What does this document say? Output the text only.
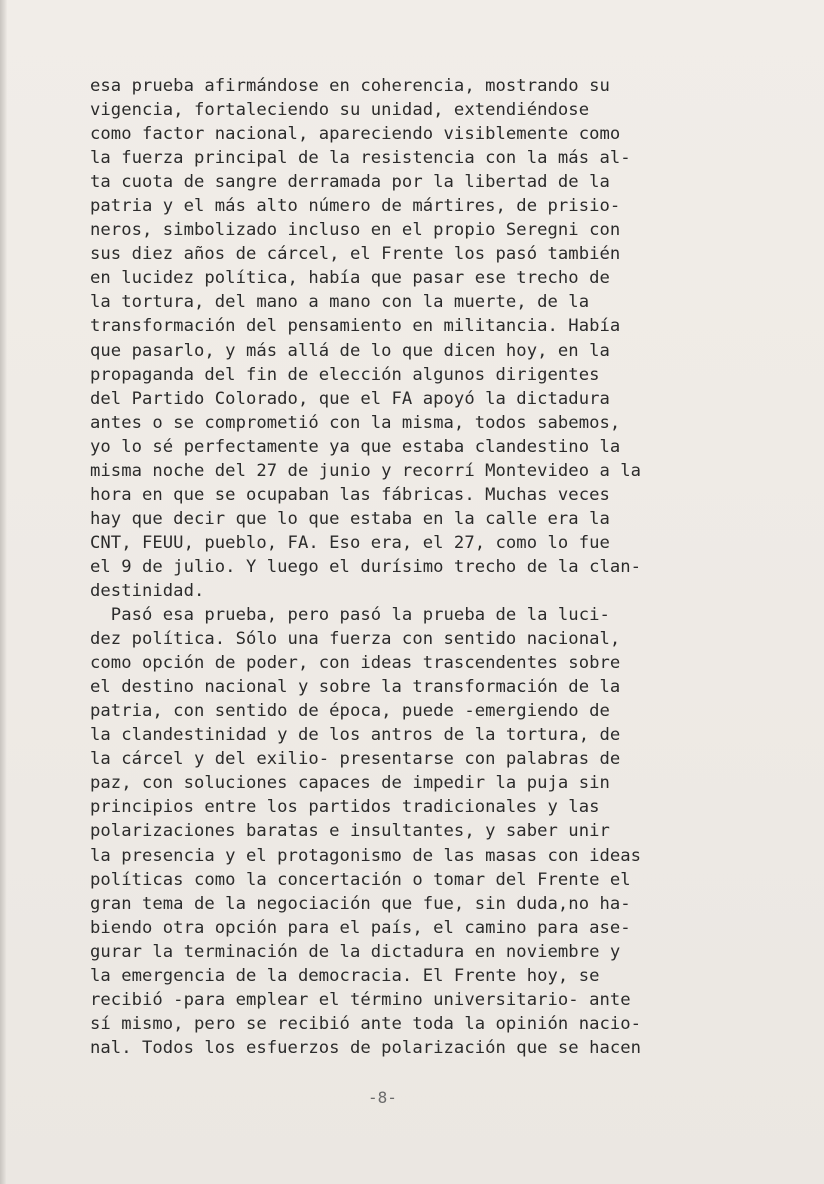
esa prueba afirmándose en coherencia, mostrando su
vigencia, fortaleciendo su unidad, extendiéndose
como factor nacional, apareciendo visiblemente como
la fuerza principal de la resistencia con la más al-
ta cuota de sangre derramada por la libertad de la
patria y el más alto número de mártires, de prisio-
neros, simbolizado incluso en el propio Seregni con
sus diez años de cárcel, el Frente los pasó también
en lucidez política, había que pasar ese trecho de
la tortura, del mano a mano con la muerte, de la
transformación del pensamiento en militancia. Había
que pasarlo, y más allá de lo que dicen hoy, en la
propaganda del fin de elección algunos dirigentes
del Partido Colorado, que el FA apoyó la dictadura
antes o se comprometió con la misma, todos sabemos,
yo lo sé perfectamente ya que estaba clandestino la
misma noche del 27 de junio y recorrí Montevideo a la
hora en que se ocupaban las fábricas. Muchas veces
hay que decir que lo que estaba en la calle era la
CNT, FEUU, pueblo, FA. Eso era, el 27, como lo fue
el 9 de julio. Y luego el durísimo trecho de la clan-
destinidad.
Pasó esa prueba, pero pasó la prueba de la luci-
dez política. Sólo una fuerza con sentido nacional,
como opción de poder, con ideas trascendentes sobre
el destino nacional y sobre la transformación de la
patria, con sentido de época, puede -emergiendo de
la clandestinidad y de los antros de la tortura, de
la cárcel y del exilio- presentarse con palabras de
paz, con soluciones capaces de impedir la puja sin
principios entre los partidos tradicionales y las
polarizaciones baratas e insultantes, y saber unir
la presencia y el protagonismo de las masas con ideas
políticas como la concertación o tomar del Frente el
gran tema de la negociación que fue, sin duda,no ha-
biendo otra opción para el país, el camino para ase-
gurar la terminación de la dictadura en noviembre y
la emergencia de la democracia. El Frente hoy, se
recibió -para emplear el término universitario- ante
sí mismo, pero se recibió ante toda la opinión nacio-
nal. Todos los esfuerzos de polarización que se hacen
-8-
